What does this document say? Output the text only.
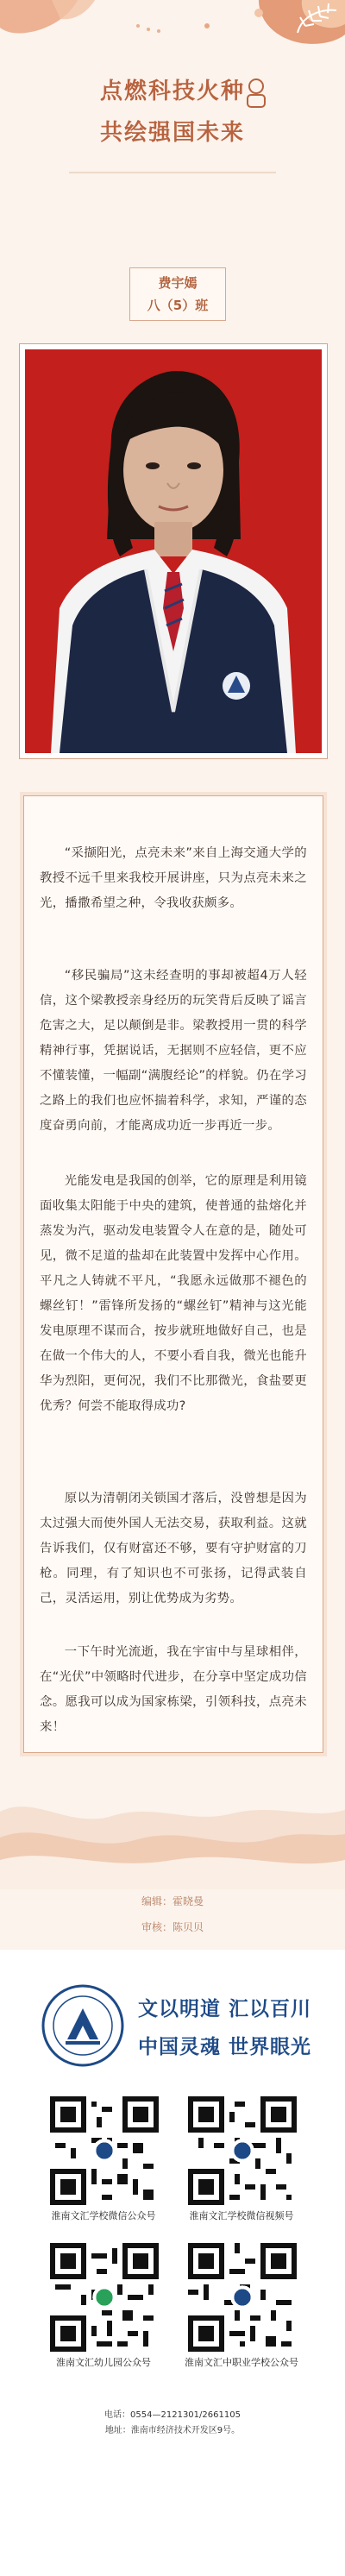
点燃科技火种
共绘强国未来
费宇嫣
八（5）班

“采撷阳光，点亮未来”来自上海交通大学的教授不远千里来我校开展讲座，只为点亮未来之光，播撒希望之种，令我收获颇多。

“移民骗局”这未经查明的事却被超4万人轻信，这个梁教授亲身经历的玩笑背后反映了谣言危害之大，足以颠倒是非。梁教授用一贯的科学精神行事，凭据说话，无据则不应轻信，更不应不懂装懂，一幅副“满腹经论”的样貌。仍在学习之路上的我们也应怀揣着科学，求知，严谨的态度奋勇向前，才能离成功近一步再近一步。

光能发电是我国的创举，它的原理是利用镜面收集太阳能于中央的建筑，使普通的盐熔化并蒸发为汽，驱动发电装置令人在意的是，随处可见，微不足道的盐却在此装置中发挥中心作用。平凡之人铸就不平凡，“我愿永远做那不褪色的螺丝钉！”雷锋所发扬的“螺丝钉”精神与这光能发电原理不谋而合，按步就班地做好自己，也是在做一个伟大的人，不要小看自我，微光也能升华为烈阳，更何况，我们不比那微光，食盐要更优秀？何尝不能取得成功?

原以为清朝闭关锁国才落后，没曾想是因为太过强大而使外国人无法交易，获取利益。这就告诉我们，仅有财富还不够，要有守护财富的刀枪。同理，有了知识也不可张扬，记得武装自己，灵活运用，别让优势成为劣势。

一下午时光流逝，我在宇宙中与星球相伴，在“光伏”中领略时代进步，在分享中坚定成功信念。愿我可以成为国家栋梁，引领科技，点亮未来！

编辑：霍晓曼
审核：陈贝贝
文以明道 汇以百川
中国灵魂 世界眼光
淮南文汇学校微信公众号	淮南文汇学校微信视频号
淮南文汇幼儿园公众号	淮南文汇中职业学校公众号
电话：0554—2121301/2661105
地址：淮南市经济技术开发区9号。
